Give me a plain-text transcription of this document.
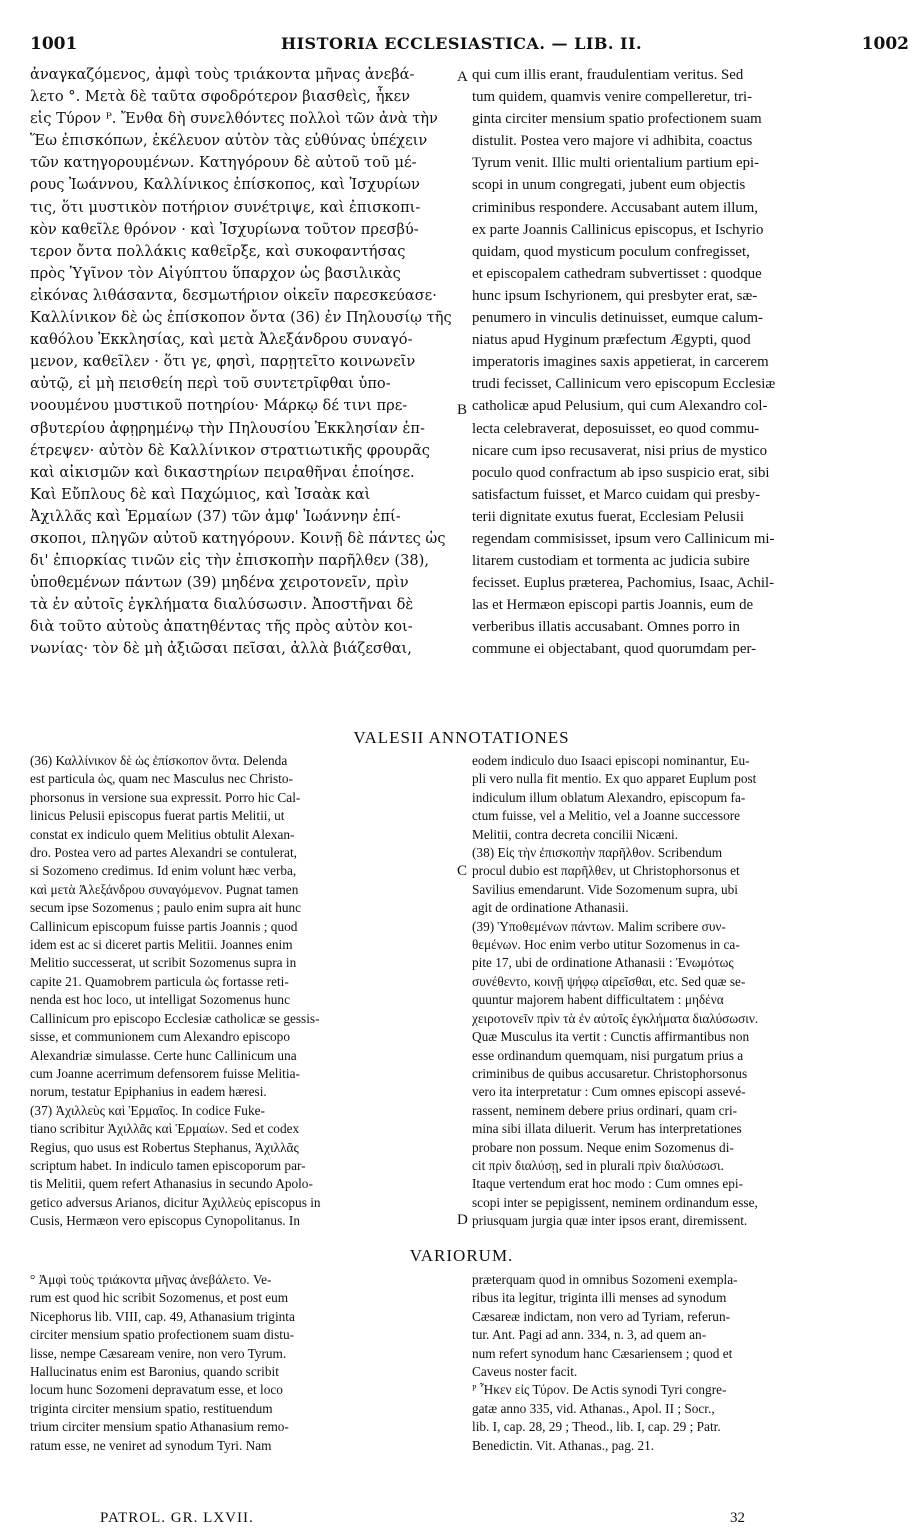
1001	HISTORIA ECCLESIASTICA. — LIB. II.	1002

ἀναγκαζόμενος, ἀμφὶ τοὺς τριάκοντα μῆνας ἀνεβά-

λετο °. Μετὰ δὲ ταῦτα σφοδρότερον βιασθεὶς, ἧκεν

εἰς Τύρον ᴾ. Ἔνθα δὴ συνελθόντες πολλοὶ τῶν ἀνὰ τὴν

Ἕω ἐπισκόπων, ἐκέλευον αὐτὸν τὰς εὐθύνας ὑπέχειν

τῶν κατηγορουμένων. Κατηγόρουν δὲ αὐτοῦ τοῦ μέ-

ρους Ἰωάννου, Καλλίνικος ἐπίσκοπος, καὶ Ἰσχυρίων

τις, ὅτι μυστικὸν ποτήριον συνέτριψε, καὶ ἐπισκοπι-

κὸν καθεῖλε θρόνον · καὶ Ἰσχυρίωνα τοῦτον πρεσβύ-

τερον ὄντα πολλάκις καθεῖρξε, καὶ συκοφαντήσας

πρὸς Ὑγῖνον τὸν Αἰγύπτου ὕπαρχον ὡς βασιλικὰς

εἰκόνας λιθάσαντα, δεσμωτήριον οἰκεῖν παρεσκεύασε·

Καλλίνικον δὲ ὡς ἐπίσκοπον ὄντα (36) ἐν Πηλουσίῳ τῆς

καθόλου Ἐκκλησίας, καὶ μετὰ Ἀλεξάνδρου συναγό-

μενον, καθεῖλεν · ὅτι γε, φησὶ, παρῃτεῖτο κοινωνεῖν

αὐτῷ, εἰ μὴ πεισθείη περὶ τοῦ συντετρῖφθαι ὑπο-

νοουμένου μυστικοῦ ποτηρίου· Μάρκῳ δέ τινι πρε-

σβυτερίου ἀφῃρημένῳ τὴν Πηλουσίου Ἐκκλησίαν ἐπ-

έτρεψεν· αὐτὸν δὲ Καλλίνικον στρατιωτικῆς φρουρᾶς

καὶ αἰκισμῶν καὶ δικαστηρίων πειραθῆναι ἐποίησε.

Καὶ Εὔπλους δὲ καὶ Παχώμιος, καὶ Ἰσαὰκ καὶ

Ἀχιλλᾶς καὶ Ἑρμαίων (37) τῶν ἀμφ' Ἰωάννην ἐπί-

σκοποι, πληγῶν αὐτοῦ κατηγόρουν. Κοινῇ δὲ πάντες ὡς

δι' ἐπιορκίας τινῶν εἰς τὴν ἐπισκοπὴν παρῆλθεν (38),

ὑποθεμένων πάντων (39) μηδένα χειροτονεῖν, πρὶν

τὰ ἐν αὐτοῖς ἐγκλήματα διαλύσωσιν. Ἀποστῆναι δὲ

διὰ τοῦτο αὐτοὺς ἀπατηθέντας τῆς πρὸς αὐτὸν κοι-

νωνίας· τὸν δὲ μὴ ἀξιῶσαι πεῖσαι, ἀλλὰ βιάζεσθαι,

qui cum illis erant, fraudulentiam veritus. Sed

tum quidem, quamvis venire compelleretur, tri-

ginta circiter mensium spatio profectionem suam

distulit. Postea vero majore vi adhibita, coactus

Tyrum venit. Illic multi orientalium partium epi-

scopi in unum congregati, jubent eum objectis

criminibus respondere. Accusabant autem illum,

ex parte Joannis Callinicus episcopus, et Ischyrio

quidam, quod mysticum poculum confregisset,

et episcopalem cathedram subvertisset : quodque

hunc ipsum Ischyrionem, qui presbyter erat, sæ-

penumero in vinculis detinuisset, eumque calum-

niatus apud Hyginum præfectum Ægypti, quod

imperatoris imagines saxis appetierat, in carcerem

trudi fecisset, Callinicum vero episcopum Ecclesiæ

catholicæ apud Pelusium, qui cum Alexandro col-

lecta celebraverat, deposuisset, eo quod commu-

nicare cum ipso recusaverat, nisi prius de mystico

poculo quod confractum ab ipso suspicio erat, sibi

satisfactum fuisset, et Marco cuidam qui presby-

terii dignitate exutus fuerat, Ecclesiam Pelusii

regendam commisisset, ipsum vero Callinicum mi-

litarem custodiam et tormenta ac judicia subire

fecisset. Euplus præterea, Pachomius, Isaac, Achil-

las et Hermæon episcopi partis Joannis, eum de

verberibus illatis accusabant. Omnes porro in

commune ei objectabant, quod quorumdam per-

A
B
C
D
VALESII ANNOTATIONES

(36) Καλλίνικον δὲ ὡς ἐπίσκοπον ὄντα. Delenda

est particula ὡς, quam nec Masculus nec Christo-

phorsonus in versione sua expressit. Porro hic Cal-

linicus Pelusii episcopus fuerat partis Melitii, ut

constat ex indiculo quem Melitius obtulit Alexan-

dro. Postea vero ad partes Alexandri se contulerat,

si Sozomeno credimus. Id enim volunt hæc verba,

καὶ μετὰ Ἀλεξάνδρου συναγόμενον. Pugnat tamen

secum ipse Sozomenus ; paulo enim supra ait hunc

Callinicum episcopum fuisse partis Joannis ; quod

idem est ac si diceret partis Melitii. Joannes enim

Melitio successerat, ut scribit Sozomenus supra in

capite 21. Quamobrem particula ὡς fortasse reti-

nenda est hoc loco, ut intelligat Sozomenus hunc

Callinicum pro episcopo Ecclesiæ catholicæ se gessis-

sisse, et communionem cum Alexandro episcopo

Alexandriæ simulasse. Certe hunc Callinicum una

cum Joanne acerrimum defensorem fuisse Melitia-

norum, testatur Epiphanius in eadem hæresi.

(37) Ἀχιλλεὺς καὶ Ἑρμαῖος. In codice Fuke-

tiano scribitur Ἀχιλλᾶς καὶ Ἑρμαίων. Sed et codex

Regius, quo usus est Robertus Stephanus, Ἀχιλλᾶς

scriptum habet. In indiculo tamen episcoporum par-

tis Melitii, quem refert Athanasius in secundo Apolo-

getico adversus Arianos, dicitur Ἀχιλλεὺς episcopus in

Cusis, Hermæon vero episcopus Cynopolitanus. In

eodem indiculo duo Isaaci episcopi nominantur, Eu-

pli vero nulla fit mentio. Ex quo apparet Euplum post

indiculum illum oblatum Alexandro, episcopum fa-

ctum fuisse, vel a Melitio, vel a Joanne successore

Melitii, contra decreta concilii Nicæni.

(38) Εἰς τὴν ἐπισκοπὴν παρῆλθον. Scribendum

procul dubio est παρῆλθεν, ut Christophorsonus et

Savilius emendarunt. Vide Sozomenum supra, ubi

agit de ordinatione Athanasii.

(39) Ὑποθεμένων πάντων. Malim scribere συν-

θεμένων. Hoc enim verbo utitur Sozomenus in ca-

pite 17, ubi de ordinatione Athanasii : Ἐνωμότως

συνέθεντο, κοινῇ ψήφῳ αἱρεῖσθαι, etc. Sed quæ se-

quuntur majorem habent difficultatem : μηδένα

χειροτονεῖν πρὶν τὰ ἐν αὐτοῖς ἐγκλήματα διαλύσωσιν.

Quæ Musculus ita vertit : Cunctis affirmantibus non

esse ordinandum quemquam, nisi purgatum prius a

criminibus de quibus accusaretur. Christophorsonus

vero ita interpretatur : Cum omnes episcopi assevé-

rassent, neminem debere prius ordinari, quam cri-

mina sibi illata diluerit. Verum has interpretationes

probare non possum. Neque enim Sozomenus di-

cit πρὶν διαλύσῃ, sed in plurali πρὶν διαλύσωσι.

Itaque vertendum erat hoc modo : Cum omnes epi-

scopi inter se pepigissent, neminem ordinandum esse,

priusquam jurgia quæ inter ipsos erant, diremissent.

VARIORUM.

° Ἀμφὶ τοὺς τριάκοντα μῆνας ἀνεβάλετο. Ve-

rum est quod hic scribit Sozomenus, et post eum

Nicephorus lib. VIII, cap. 49, Athanasium triginta

circiter mensium spatio profectionem suam distu-

lisse, nempe Cæsaream venire, non vero Tyrum.

Hallucinatus enim est Baronius, quando scribit

locum hunc Sozomeni depravatum esse, et loco

triginta circiter mensium spatio, restituendum

trium circiter mensium spatio Athanasium remo-

ratum esse, ne veniret ad synodum Tyri. Nam

præterquam quod in omnibus Sozomeni exempla-

ribus ita legitur, triginta illi menses ad synodum

Cæsareæ indictam, non vero ad Tyriam, referun-

tur. Ant. Pagi ad ann. 334, n. 3, ad quem an-

num refert synodum hanc Cæsariensem ; quod et

Caveus noster facit.

ᴾ Ἧκεν εἰς Τύρον. De Actis synodi Tyri congre-

gatæ anno 335, vid. Athanas., Apol. II ; Socr.,

lib. I, cap. 28, 29 ; Theod., lib. I, cap. 29 ; Patr.

Benedictin. Vit. Athanas., pag. 21.

PATROL. GR. LXVII.	32
